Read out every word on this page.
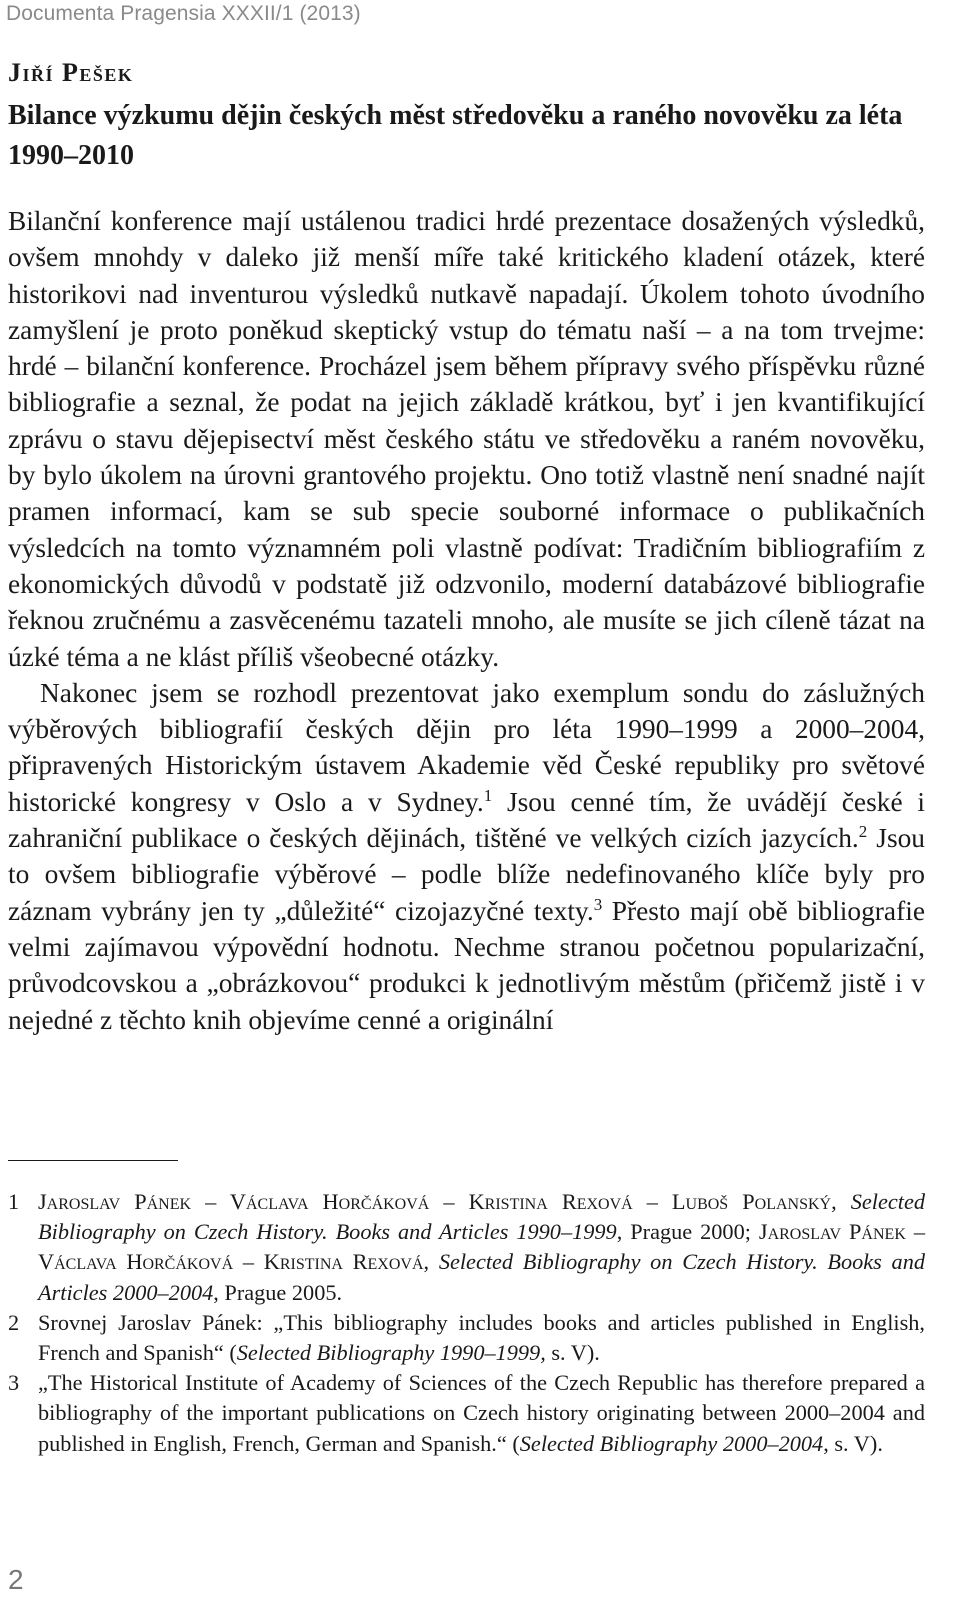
Documenta Pragensia XXXII/1 (2013)
Jiří Pešek
Bilance výzkumu dějin českých měst středověku a raného novověku za léta 1990–2010

Bilanční konference mají ustálenou tradici hrdé prezentace dosažených výsledků, ovšem mnohdy v daleko již menší míře také kritického kladení otázek, které historikovi nad inventurou výsledků nutkavě napadají. Úkolem tohoto úvodního zamyšlení je proto poněkud skeptický vstup do tématu naší – a na tom trvejme: hrdé – bilanční konference. Procházel jsem během přípravy svého příspěvku různé bibliografie a seznal, že podat na jejich základě krátkou, byť i jen kvantifikující zprávu o stavu dějepisectví měst českého státu ve středověku a raném novověku, by bylo úkolem na úrovni grantového projektu. Ono totiž vlastně není snadné najít pramen informací, kam se sub specie souborné informace o publikačních výsledcích na tomto významném poli vlastně podívat: Tradičním bibliografiím z ekonomických důvodů v podstatě již odzvonilo, moderní databázové bibliografie řeknou zručnému a zasvěcenému tazateli mnoho, ale musíte se jich cíleně tázat na úzké téma a ne klást příliš všeobecné otázky.

Nakonec jsem se rozhodl prezentovat jako exemplum sondu do záslužných výběrových bibliografií českých dějin pro léta 1990–1999 a 2000–2004, připravených Historickým ústavem Akademie věd České republiky pro světové historické kongresy v Oslo a v Sydney.$^1$ Jsou cenné tím, že uvádějí české i zahraniční publikace o českých dějinách, tištěné ve velkých cizích jazycích.$^2$ Jsou to ovšem bibliografie výběrové – podle blíže nedefinovaného klíče byly pro záznam vybrány jen ty „důležité“ cizojazyčné texty.$^3$ Přesto mají obě bibliografie velmi zajímavou výpovědní hodnotu. Nechme stranou početnou popularizační, průvodcovskou a „obrázkovou“ produkci k jednotlivým městům (přičemž jistě i v nejedné z těchto knih objevíme cenné a originální

1 Jaroslav Pánek – Václava Horčáková – Kristina Rexová – Luboš Polanský, Selected Bibliography on Czech History. Books and Articles 1990–1999, Prague 2000; Jaroslav Pánek – Václava Horčáková – Kristina Rexová, Selected Bibliography on Czech History. Books and Articles 2000–2004, Prague 2005.
2 Srovnej Jaroslav Pánek: „This bibliography includes books and articles published in English, French and Spanish“ (Selected Bibliography 1990–1999, s. V).
3 „The Historical Institute of Academy of Sciences of the Czech Republic has therefore prepared a bibliography of the important publications on Czech history originating between 2000–2004 and published in English, French, German and Spanish.“ (Selected Bibliography 2000–2004, s. V).
2
